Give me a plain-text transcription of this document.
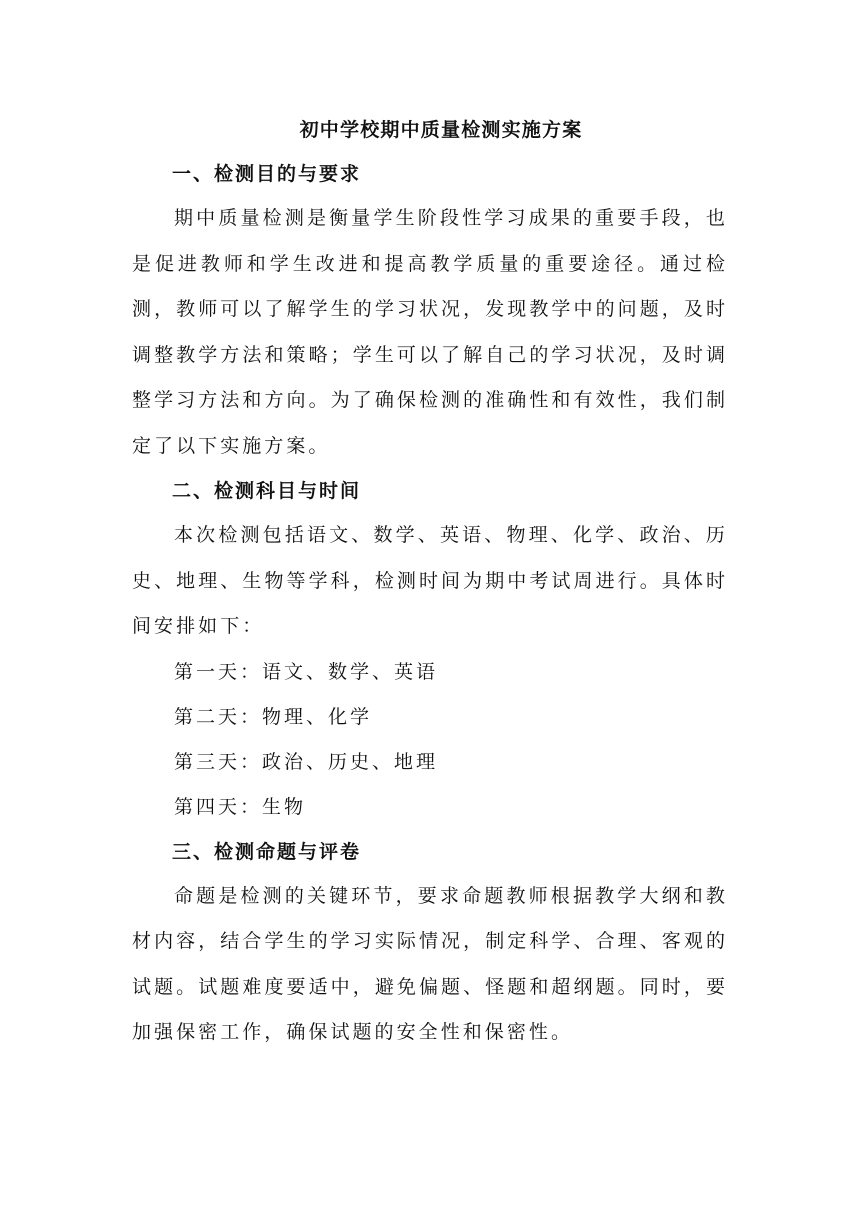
初中学校期中质量检测实施方案

一、检测目的与要求

期中质量检测是衡量学生阶段性学习成果的重要手段，也是促进教师和学生改进和提高教学质量的重要途径。通过检测，教师可以了解学生的学习状况，发现教学中的问题，及时调整教学方法和策略；学生可以了解自己的学习状况，及时调整学习方法和方向。为了确保检测的准确性和有效性，我们制定了以下实施方案。

二、检测科目与时间

本次检测包括语文、数学、英语、物理、化学、政治、历史、地理、生物等学科，检测时间为期中考试周进行。具体时间安排如下：

第一天：语文、数学、英语

第二天：物理、化学

第三天：政治、历史、地理

第四天：生物

三、检测命题与评卷

命题是检测的关键环节，要求命题教师根据教学大纲和教材内容，结合学生的学习实际情况，制定科学、合理、客观的试题。试题难度要适中，避免偏题、怪题和超纲题。同时，要加强保密工作，确保试题的安全性和保密性。
